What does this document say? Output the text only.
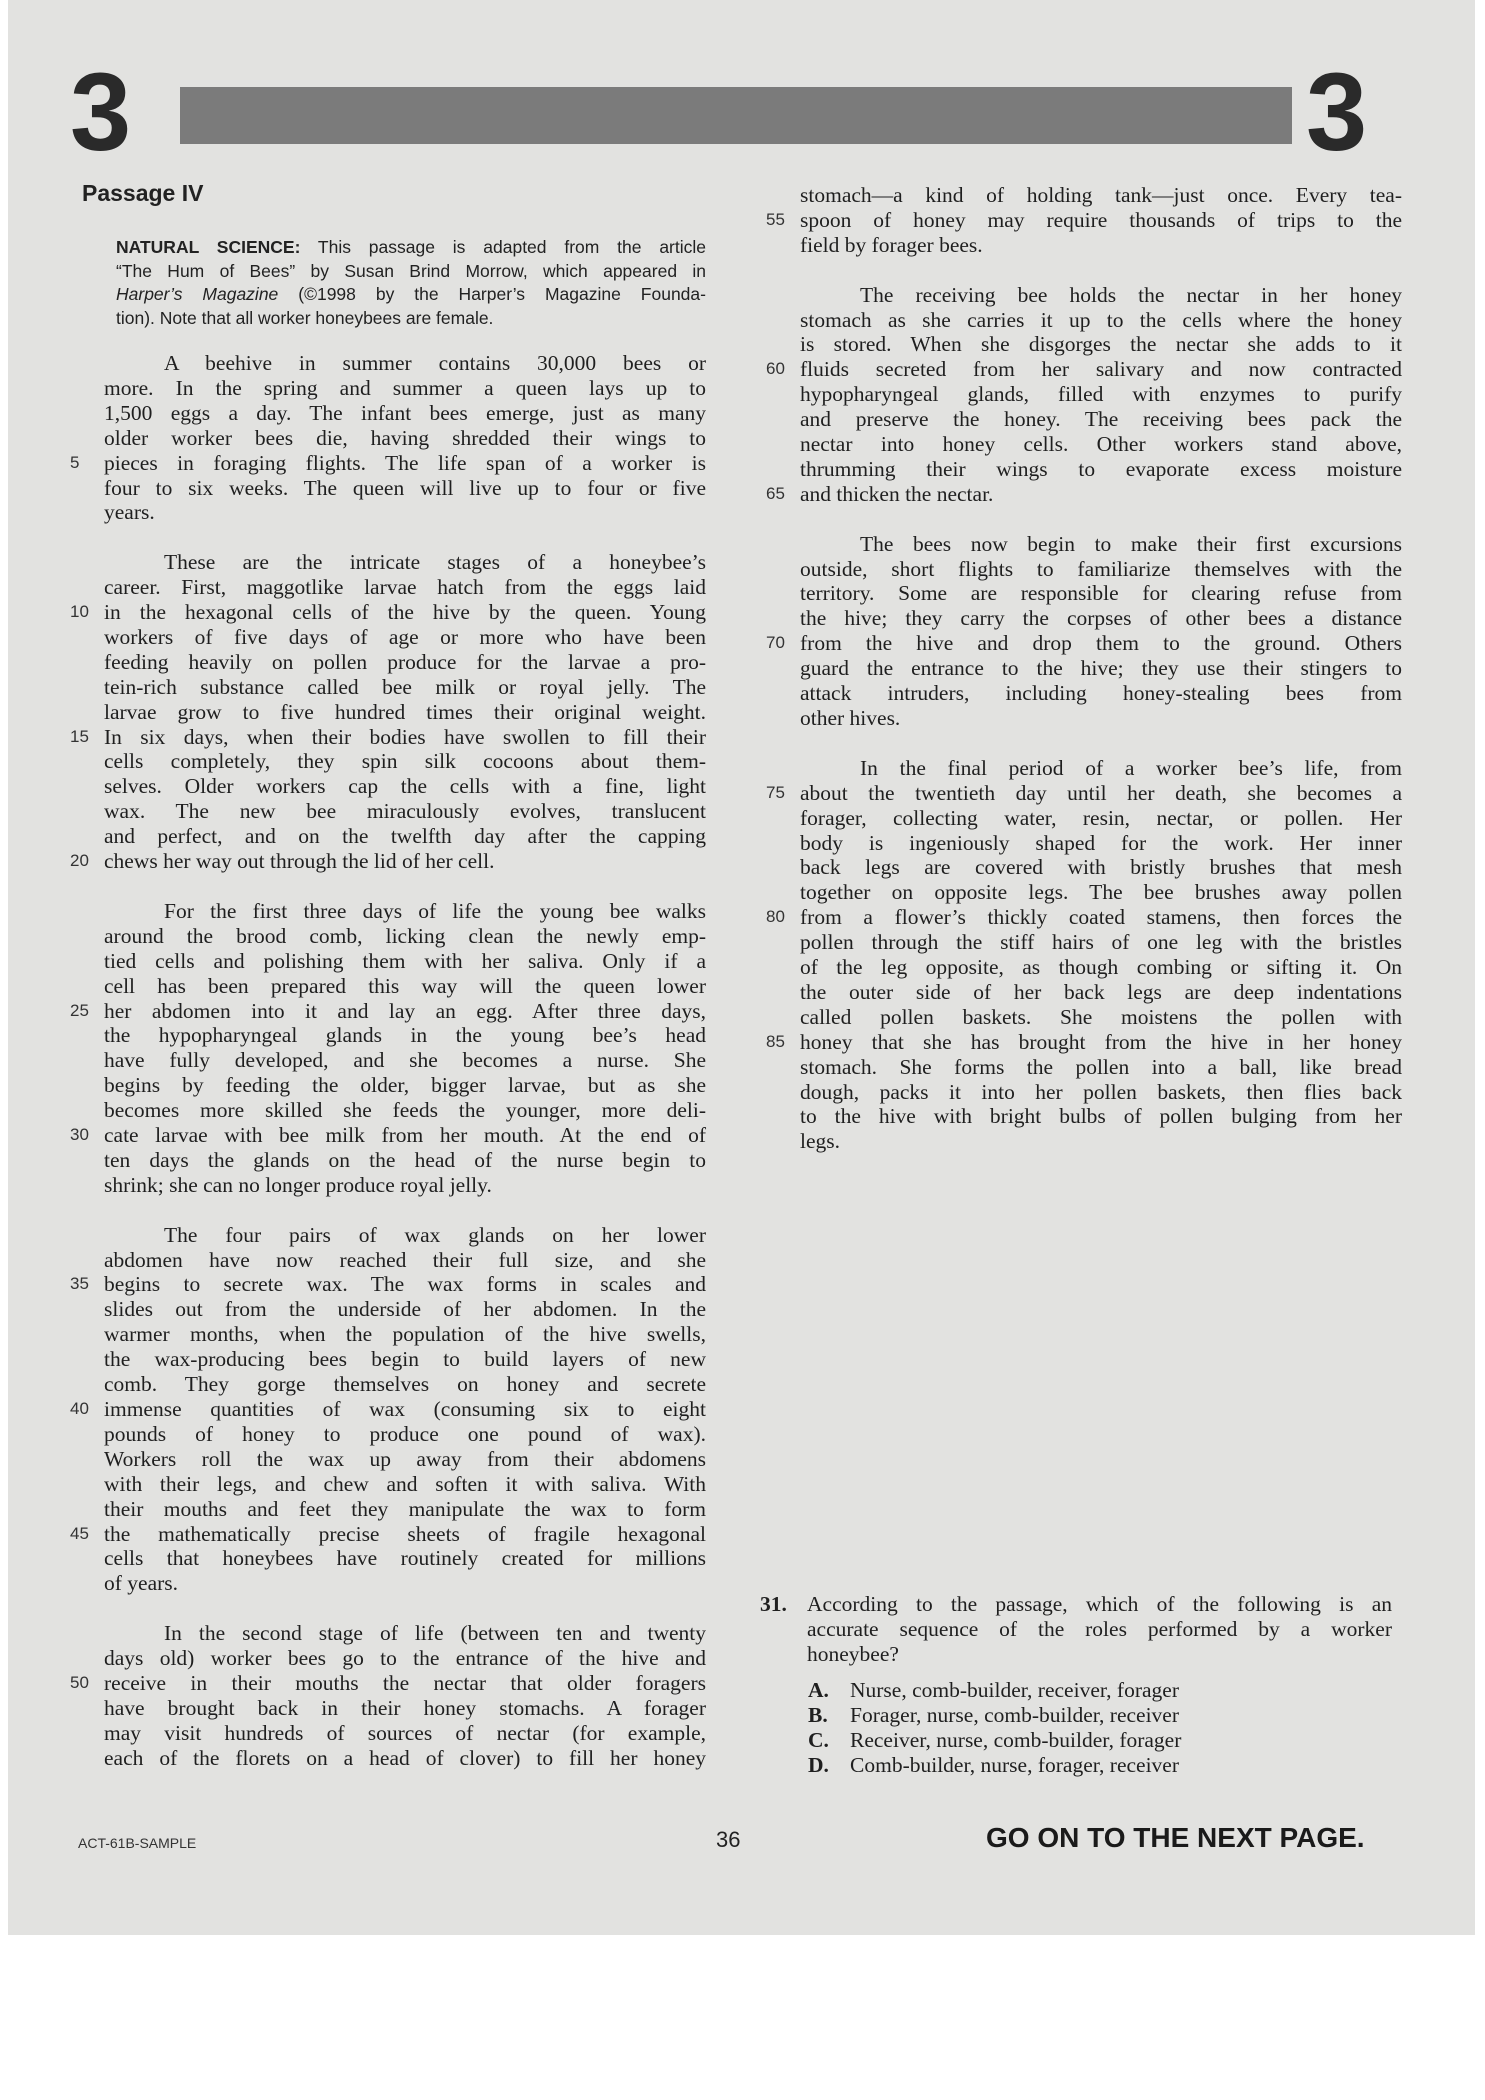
3	3
Passage IV
NATURAL SCIENCE: This passage is adapted from the article
“The Hum of Bees” by Susan Brind Morrow, which appeared in
Harper’s Magazine (©1998 by the Harper’s Magazine Founda-
tion). Note that all worker honeybees are female.
A beehive in summer contains 30,000 bees or
more. In the spring and summer a queen lays up to
1,500 eggs a day. The infant bees emerge, just as many
older worker bees die, having shredded their wings to
5	pieces in foraging flights. The life span of a worker is
four to six weeks. The queen will live up to four or five
years.
These are the intricate stages of a honeybee’s
career. First, maggotlike larvae hatch from the eggs laid
10 in the hexagonal cells of the hive by the queen. Young
workers of five days of age or more who have been
feeding heavily on pollen produce for the larvae a pro-
tein-rich substance called bee milk or royal jelly. The
larvae grow to five hundred times their original weight.
15 In six days, when their bodies have swollen to fill their
cells completely, they spin silk cocoons about them-
selves. Older workers cap the cells with a fine, light
wax. The new bee miraculously evolves, translucent
and perfect, and on the twelfth day after the capping
20 chews her way out through the lid of her cell.
For the first three days of life the young bee walks
around the brood comb, licking clean the newly emp-
tied cells and polishing them with her saliva. Only if a
cell has been prepared this way will the queen lower
25 her abdomen into it and lay an egg. After three days,
the hypopharyngeal glands in the young bee’s head
have fully developed, and she becomes a nurse. She
begins by feeding the older, bigger larvae, but as she
becomes more skilled she feeds the younger, more deli-
30 cate larvae with bee milk from her mouth. At the end of
ten days the glands on the head of the nurse begin to
shrink; she can no longer produce royal jelly.
The four pairs of wax glands on her lower
abdomen have now reached their full size, and she
35 begins to secrete wax. The wax forms in scales and
slides out from the underside of her abdomen. In the
warmer months, when the population of the hive swells,
the wax-producing bees begin to build layers of new
comb. They gorge themselves on honey and secrete
40 immense quantities of wax (consuming six to eight
pounds of honey to produce one pound of wax).
Workers roll the wax up away from their abdomens
with their legs, and chew and soften it with saliva. With
their mouths and feet they manipulate the wax to form
45 the mathematically precise sheets of fragile hexagonal
cells that honeybees have routinely created for millions
of years.
In the second stage of life (between ten and twenty
days old) worker bees go to the entrance of the hive and
50 receive in their mouths the nectar that older foragers
have brought back in their honey stomachs. A forager
may visit hundreds of sources of nectar (for example,
each of the florets on a head of clover) to fill her honey
stomach—a kind of holding tank—just once. Every tea-
55 spoon of honey may require thousands of trips to the
field by forager bees.
The receiving bee holds the nectar in her honey
stomach as she carries it up to the cells where the honey
is stored. When she disgorges the nectar she adds to it
60 fluids secreted from her salivary and now contracted
hypopharyngeal glands, filled with enzymes to purify
and preserve the honey. The receiving bees pack the
nectar into honey cells. Other workers stand above,
thrumming their wings to evaporate excess moisture
65 and thicken the nectar.
The bees now begin to make their first excursions
outside, short flights to familiarize themselves with the
territory. Some are responsible for clearing refuse from
the hive; they carry the corpses of other bees a distance
70 from the hive and drop them to the ground. Others
guard the entrance to the hive; they use their stingers to
attack intruders, including honey-stealing bees from
other hives.
In the final period of a worker bee’s life, from
75 about the twentieth day until her death, she becomes a
forager, collecting water, resin, nectar, or pollen. Her
body is ingeniously shaped for the work. Her inner
back legs are covered with bristly brushes that mesh
together on opposite legs. The bee brushes away pollen
80 from a flower’s thickly coated stamens, then forces the
pollen through the stiff hairs of one leg with the bristles
of the leg opposite, as though combing or sifting it. On
the outer side of her back legs are deep indentations
called pollen baskets. She moistens the pollen with
85 honey that she has brought from the hive in her honey
stomach. She forms the pollen into a ball, like bread
dough, packs it into her pollen baskets, then flies back
to the hive with bright bulbs of pollen bulging from her
legs.
31. According to the passage, which of the following is an
accurate sequence of the roles performed by a worker
honeybee?
A. Nurse, comb-builder, receiver, forager
B. Forager, nurse, comb-builder, receiver
C. Receiver, nurse, comb-builder, forager
D. Comb-builder, nurse, forager, receiver
ACT-61B-SAMPLE	36	GO ON TO THE NEXT PAGE.
